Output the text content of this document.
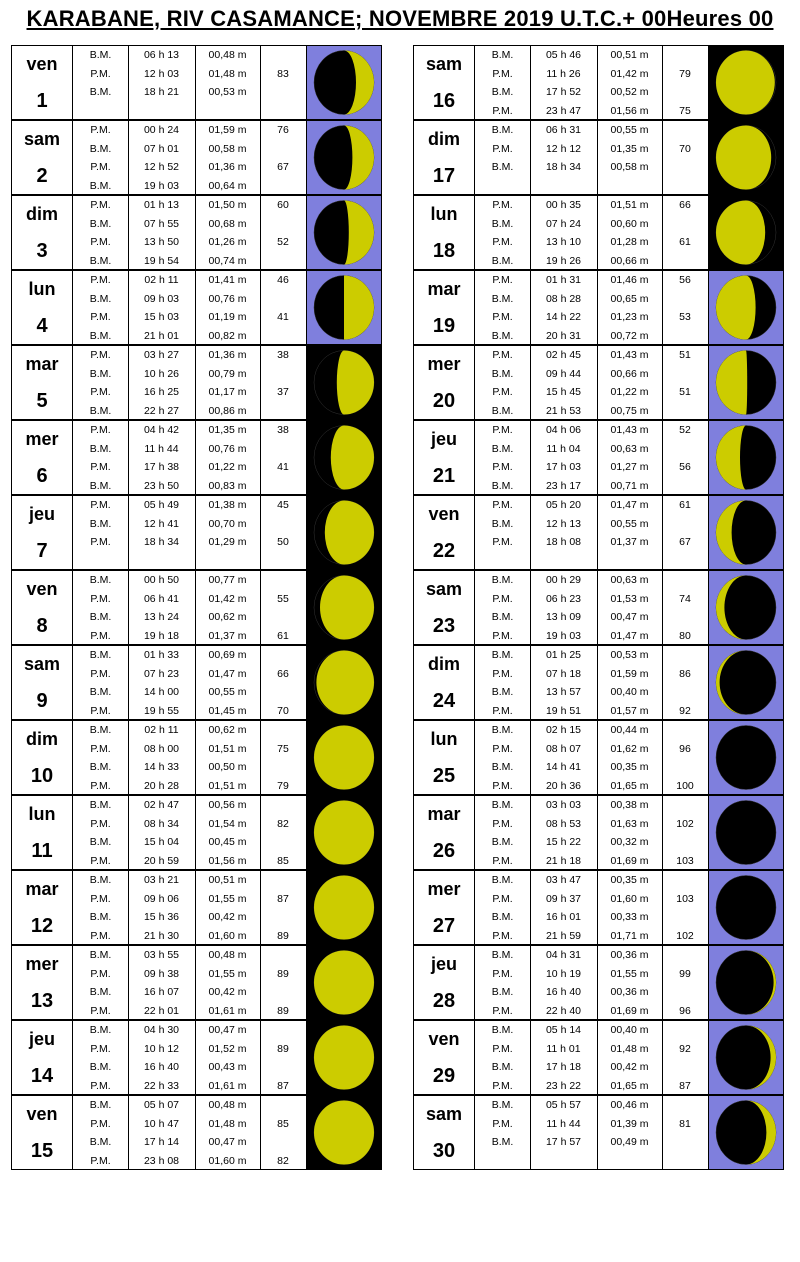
KARABANE, RIV CASAMANCE; NOVEMBRE 2019 U.T.C.+ 00Heures 00
ven
1
B.M.	06 h 13	00,48 m
P.M.	12 h 03	01,48 m	83
B.M.	18 h 21	00,53 m
sam
2
P.M.	00 h 24	01,59 m	76
B.M.	07 h 01	00,58 m
P.M.	12 h 52	01,36 m	67
B.M.	19 h 03	00,64 m
dim
3
P.M.	01 h 13	01,50 m	60
B.M.	07 h 55	00,68 m
P.M.	13 h 50	01,26 m	52
B.M.	19 h 54	00,74 m
lun
4
P.M.	02 h 11	01,41 m	46
B.M.	09 h 03	00,76 m
P.M.	15 h 03	01,19 m	41
B.M.	21 h 01	00,82 m
mar
5
P.M.	03 h 27	01,36 m	38
B.M.	10 h 26	00,79 m
P.M.	16 h 25	01,17 m	37
B.M.	22 h 27	00,86 m
mer
6
P.M.	04 h 42	01,35 m	38
B.M.	11 h 44	00,76 m
P.M.	17 h 38	01,22 m	41
B.M.	23 h 50	00,83 m
jeu
7
P.M.	05 h 49	01,38 m	45
B.M.	12 h 41	00,70 m
P.M.	18 h 34	01,29 m	50
ven
8
B.M.	00 h 50	00,77 m
P.M.	06 h 41	01,42 m	55
B.M.	13 h 24	00,62 m
P.M.	19 h 18	01,37 m	61
sam
9
B.M.	01 h 33	00,69 m
P.M.	07 h 23	01,47 m	66
B.M.	14 h 00	00,55 m
P.M.	19 h 55	01,45 m	70
dim
10
B.M.	02 h 11	00,62 m
P.M.	08 h 00	01,51 m	75
B.M.	14 h 33	00,50 m
P.M.	20 h 28	01,51 m	79
lun
11
B.M.	02 h 47	00,56 m
P.M.	08 h 34	01,54 m	82
B.M.	15 h 04	00,45 m
P.M.	20 h 59	01,56 m	85
mar
12
B.M.	03 h 21	00,51 m
P.M.	09 h 06	01,55 m	87
B.M.	15 h 36	00,42 m
P.M.	21 h 30	01,60 m	89
mer
13
B.M.	03 h 55	00,48 m
P.M.	09 h 38	01,55 m	89
B.M.	16 h 07	00,42 m
P.M.	22 h 01	01,61 m	89
jeu
14
B.M.	04 h 30	00,47 m
P.M.	10 h 12	01,52 m	89
B.M.	16 h 40	00,43 m
P.M.	22 h 33	01,61 m	87
ven
15
B.M.	05 h 07	00,48 m
P.M.	10 h 47	01,48 m	85
B.M.	17 h 14	00,47 m
P.M.	23 h 08	01,60 m	82
sam
16
B.M.	05 h 46	00,51 m
P.M.	11 h 26	01,42 m	79
B.M.	17 h 52	00,52 m
P.M.	23 h 47	01,56 m	75
dim
17
B.M.	06 h 31	00,55 m
P.M.	12 h 12	01,35 m	70
B.M.	18 h 34	00,58 m
lun
18
P.M.	00 h 35	01,51 m	66
B.M.	07 h 24	00,60 m
P.M.	13 h 10	01,28 m	61
B.M.	19 h 26	00,66 m
mar
19
P.M.	01 h 31	01,46 m	56
B.M.	08 h 28	00,65 m
P.M.	14 h 22	01,23 m	53
B.M.	20 h 31	00,72 m
mer
20
P.M.	02 h 45	01,43 m	51
B.M.	09 h 44	00,66 m
P.M.	15 h 45	01,22 m	51
B.M.	21 h 53	00,75 m
jeu
21
P.M.	04 h 06	01,43 m	52
B.M.	11 h 04	00,63 m
P.M.	17 h 03	01,27 m	56
B.M.	23 h 17	00,71 m
ven
22
P.M.	05 h 20	01,47 m	61
B.M.	12 h 13	00,55 m
P.M.	18 h 08	01,37 m	67
sam
23
B.M.	00 h 29	00,63 m
P.M.	06 h 23	01,53 m	74
B.M.	13 h 09	00,47 m
P.M.	19 h 03	01,47 m	80
dim
24
B.M.	01 h 25	00,53 m
P.M.	07 h 18	01,59 m	86
B.M.	13 h 57	00,40 m
P.M.	19 h 51	01,57 m	92
lun
25
B.M.	02 h 15	00,44 m
P.M.	08 h 07	01,62 m	96
B.M.	14 h 41	00,35 m
P.M.	20 h 36	01,65 m	100
mar
26
B.M.	03 h 03	00,38 m
P.M.	08 h 53	01,63 m	102
B.M.	15 h 22	00,32 m
P.M.	21 h 18	01,69 m	103
mer
27
B.M.	03 h 47	00,35 m
P.M.	09 h 37	01,60 m	103
B.M.	16 h 01	00,33 m
P.M.	21 h 59	01,71 m	102
jeu
28
B.M.	04 h 31	00,36 m
P.M.	10 h 19	01,55 m	99
B.M.	16 h 40	00,36 m
P.M.	22 h 40	01,69 m	96
ven
29
B.M.	05 h 14	00,40 m
P.M.	11 h 01	01,48 m	92
B.M.	17 h 18	00,42 m
P.M.	23 h 22	01,65 m	87
sam
30
B.M.	05 h 57	00,46 m
P.M.	11 h 44	01,39 m	81
B.M.	17 h 57	00,49 m
